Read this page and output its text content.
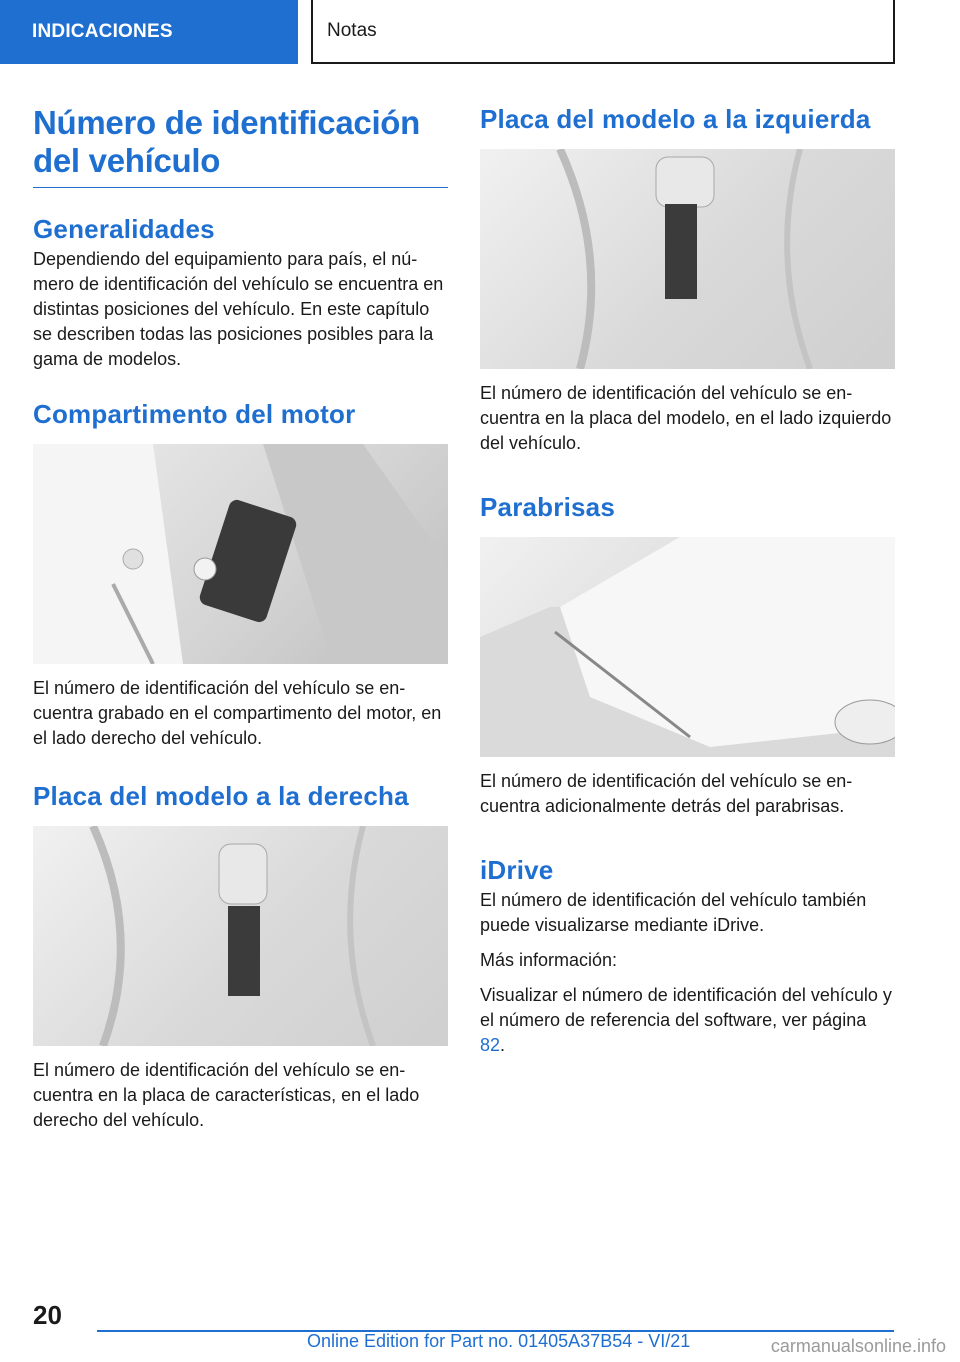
INDICACIONES	Notas
Número de identificación del vehículo
Generalidades

Dependiendo del equipamiento para país, el número de identificación del vehículo se encuentra en distintas posiciones del vehículo. En este capítulo se describen todas las posiciones posibles para la gama de modelos.

Compartimento del motor

El número de identificación del vehículo se encuentra grabado en el compartimento del motor, en el lado derecho del vehículo.

Placa del modelo a la derecha

El número de identificación del vehículo se encuentra en la placa de características, en el lado derecho del vehículo.

Placa del modelo a la izquierda

El número de identificación del vehículo se encuentra en la placa del modelo, en el lado izquierdo del vehículo.

Parabrisas

El número de identificación del vehículo se encuentra adicionalmente detrás del parabrisas.

iDrive

El número de identificación del vehículo también puede visualizarse mediante iDrive.

Más información:

Visualizar el número de identificación del vehículo y el número de referencia del software, ver página 82.

20
Online Edition for Part no. 01405A37B54 - VI/21	carmanualsonline.info
